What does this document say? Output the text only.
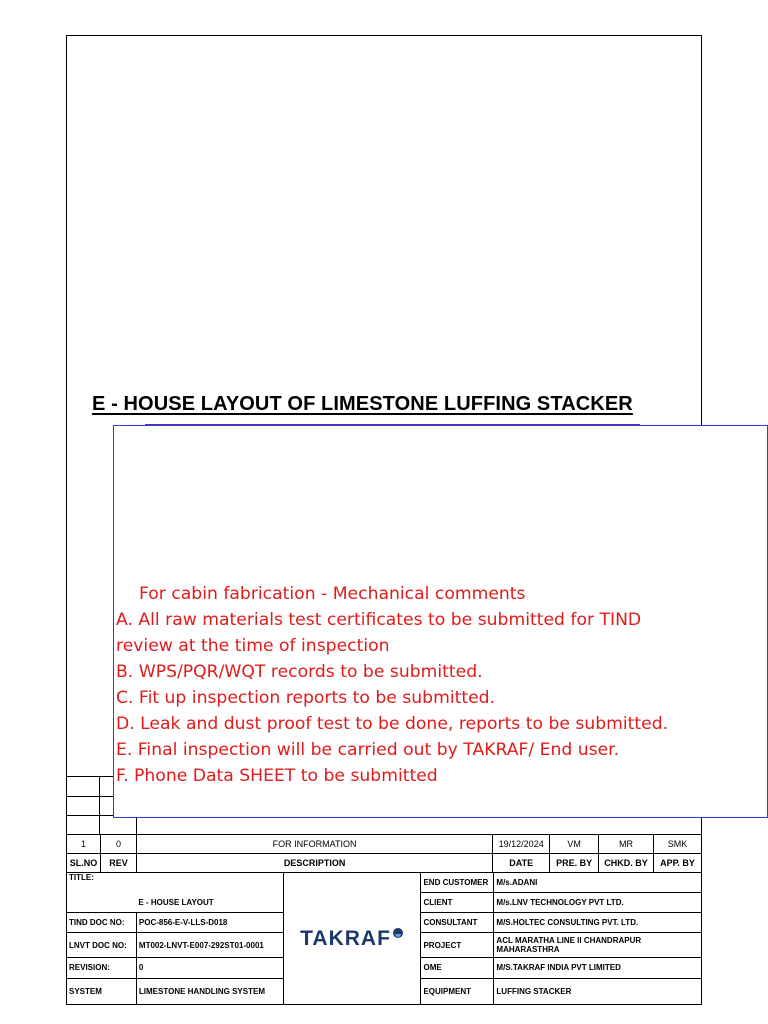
E - HOUSE LAYOUT OF LIMESTONE LUFFING STACKER
1	0	FOR INFORMATION	19/12/2024	VM	MR	SMK
SL.NO	REV	DESCRIPTION	DATE	PRE. BY	CHKD. BY	APP. BY
TITLE:		TAKRAF	END CUSTOMER	M/s.ADANI
	E - HOUSE LAYOUT		CLIENT	M/s.LNV TECHNOLOGY PVT LTD.
TIND DOC NO:	POC-856-E-V-LLS-D018		CONSULTANT	M/S.HOLTEC CONSULTING PVT. LTD.
LNVT DOC NO:	MT002-LNVT-E007-292ST01-0001		PROJECT	ACL MARATHA LINE II CHANDRAPUR
MAHARASTHRA

REVISION:	0		OME	M/S.TAKRAF INDIA PVT LIMITED
SYSTEM	LIMESTONE HANDLING SYSTEM		EQUIPMENT	LUFFING STACKER
For cabin fabrication - Mechanical comments
A. All raw materials test certificates to be submitted for TIND
review at the time of inspection
B. WPS/PQR/WQT records to be submitted.
C. Fit up inspection reports to be submitted.
D. Leak and dust proof test to be done, reports to be submitted.
E. Final inspection will be carried out by TAKRAF/ End user.
F. Phone Data SHEET to be submitted
